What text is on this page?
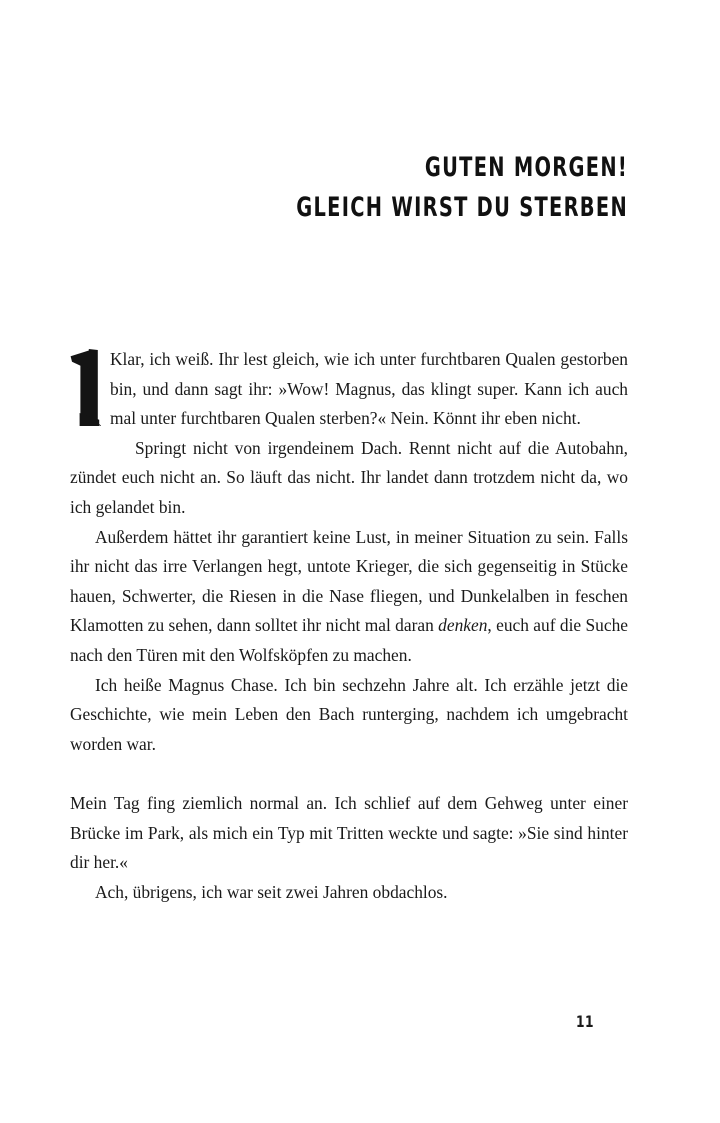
GUTEN MORGEN!
GLEICH WIRST DU STERBEN

Klar, ich weiß. Ihr lest gleich, wie ich unter furchtbaren Qualen gestorben bin, und dann sagt ihr: »Wow! Magnus, das klingt super. Kann ich auch mal unter furchtbaren Qualen sterben?« Nein. Könnt ihr eben nicht.

Springt nicht von irgendeinem Dach. Rennt nicht auf die Autobahn, zündet euch nicht an. So läuft das nicht. Ihr landet dann trotzdem nicht da, wo ich gelandet bin.

Außerdem hättet ihr garantiert keine Lust, in meiner Situation zu sein. Falls ihr nicht das irre Verlangen hegt, untote Krieger, die sich gegenseitig in Stücke hauen, Schwerter, die Riesen in die Nase fliegen, und Dunkelalben in feschen Klamotten zu sehen, dann solltet ihr nicht mal daran denken, euch auf die Suche nach den Türen mit den Wolfsköpfen zu machen.

Ich heiße Magnus Chase. Ich bin sechzehn Jahre alt. Ich erzähle jetzt die Geschichte, wie mein Leben den Bach runterging, nachdem ich umgebracht worden war.

Mein Tag fing ziemlich normal an. Ich schlief auf dem Gehweg unter einer Brücke im Park, als mich ein Typ mit Tritten weckte und sagte: »Sie sind hinter dir her.«

Ach, übrigens, ich war seit zwei Jahren obdachlos.

11
